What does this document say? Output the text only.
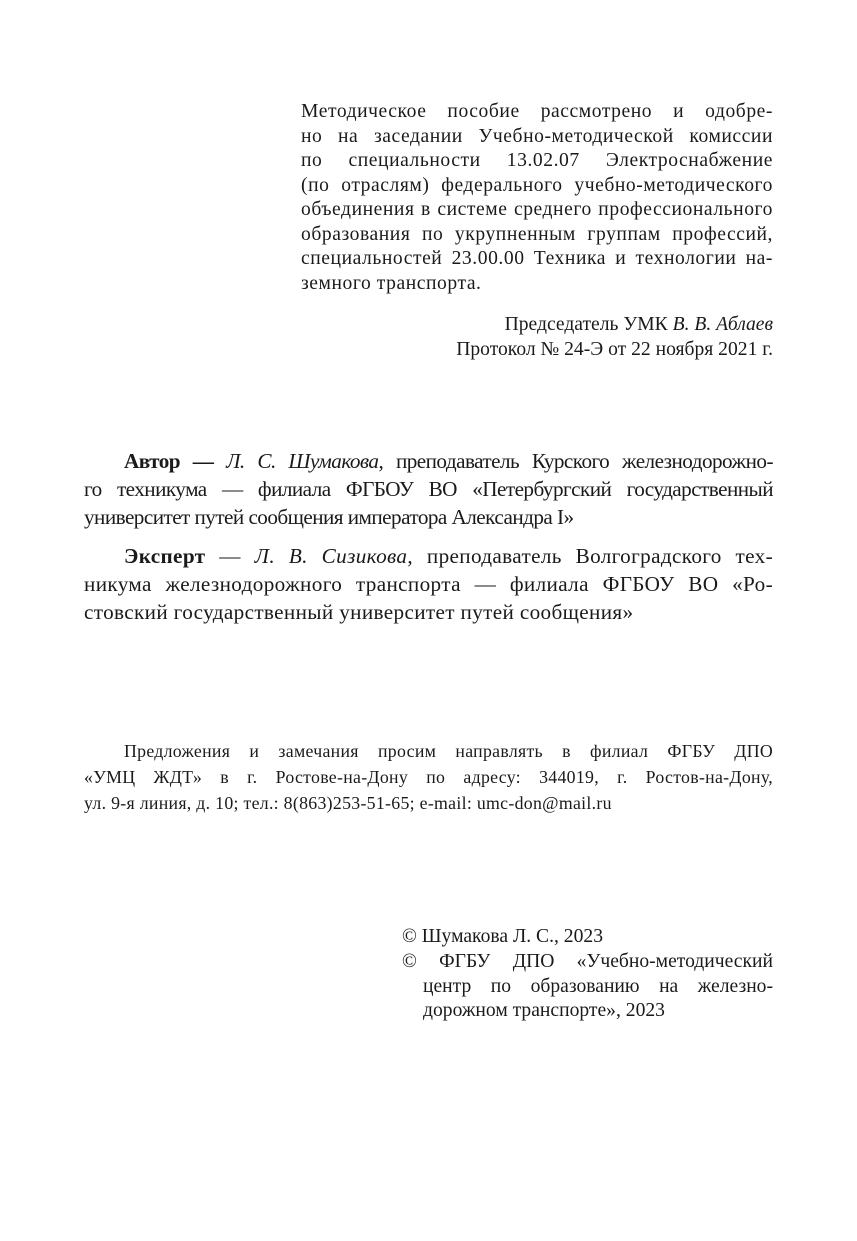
Методическое пособие рассмотрено и одобре-
но на заседании Учебно-методической комиссии
по специальности 13.02.07 Электроснабжение
(по отраслям) федерального учебно-методического
объединения в системе среднего профессионального
образования по укрупненным группам профессий,
специальностей 23.00.00 Техника и технологии на-
земного транспорта.
Председатель УМК В. В. Аблаев
Протокол № 24-Э от 22 ноября 2021 г.
Автор — Л. С. Шумакова, преподаватель Курского железнодорожно-
го техникума — филиала ФГБОУ ВО «Петербургский государственный
университет путей сообщения императора Александра I»
Эксперт — Л. В. Сизикова, преподаватель Волгоградского тех-
никума железнодорожного транспорта — филиала ФГБОУ ВО «Ро-
стовский государственный университет путей сообщения»
Предложения и замечания просим направлять в филиал ФГБУ ДПО
«УМЦ ЖДТ» в г. Ростове-на-Дону по адресу: 344019, г. Ростов-на-Дону,
ул. 9-я линия, д. 10; тел.: 8(863)253-51-65; e-mail: umc-don@mail.ru
© Шумакова Л. С., 2023
© ФГБУ ДПО «Учебно-методический
центр по образованию на железно-
дорожном транспорте», 2023
